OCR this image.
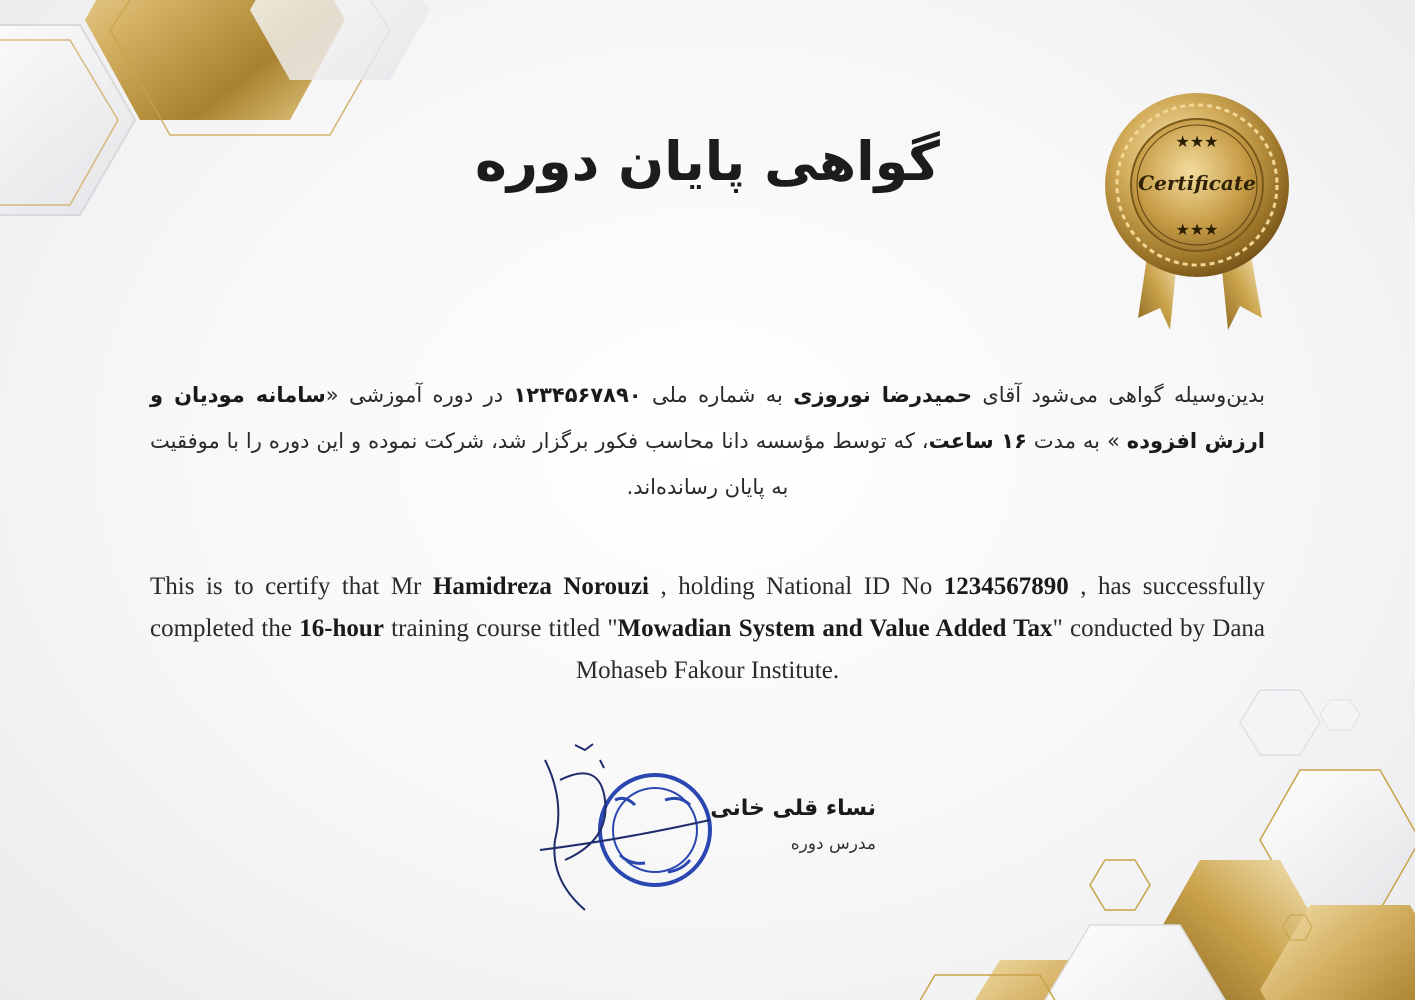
★★★
Certificate
★★★
گواهی پایان دوره

بدین‌وسیله گواهی می‌شود آقای حمیدرضا نوروزی به شماره ملی ۱۲۳۴۵۶۷۸۹۰ در دوره آموزشی «سامانه مودیان و ارزش افزوده » به مدت ۱۶ ساعت، که توسط مؤسسه دانا محاسب فکور برگزار شد، شرکت نموده و این دوره را با موفقیت به پایان رسانده‌اند.

This is to certify that Mr Hamidreza Norouzi , holding National ID No 1234567890 , has successfully completed the 16-hour training course titled "Mowadian System and Value Added Tax" conducted by Dana Mohaseb Fakour Institute.

نساء قلی خانی
مدرس دوره
